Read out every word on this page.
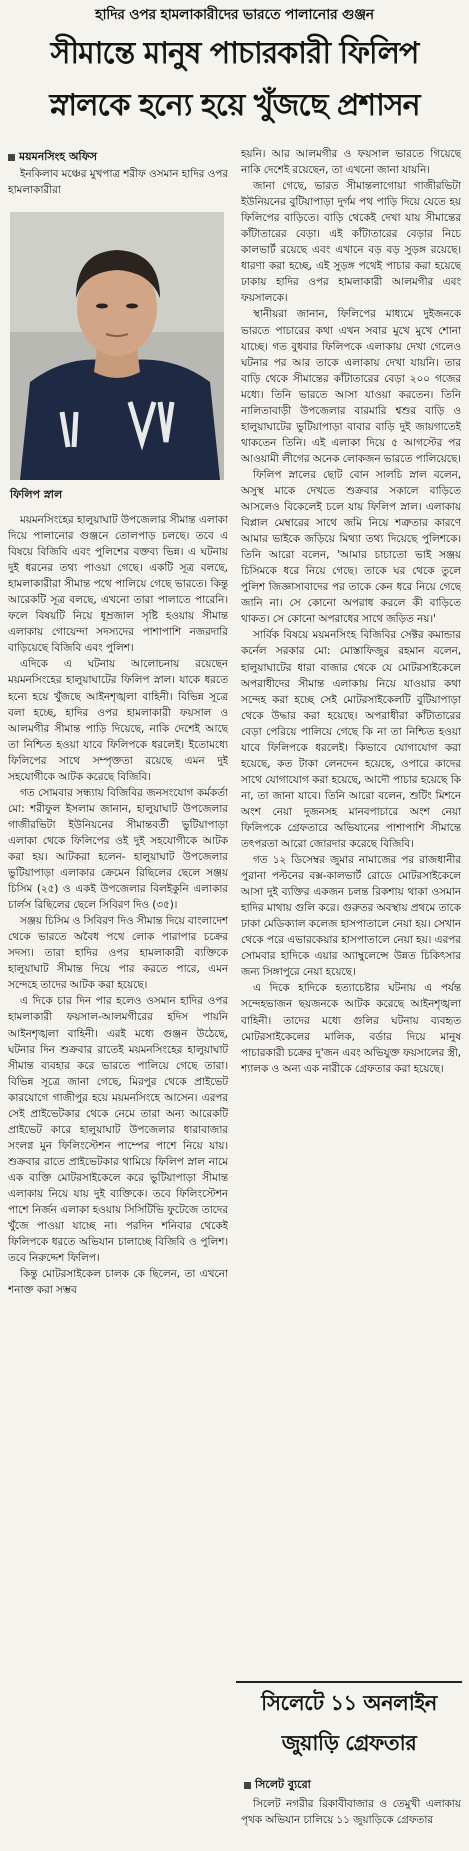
হাদির ওপর হামলাকারীদের ভারতে পালানোর গুঞ্জন
সীমান্তে মানুষ পাচারকারী ফিলিপ
স্নালকে হন্যে হয়ে খুঁজছে প্রশাসন
ময়মনসিংহ অফিস

ইনকিলাব মঞ্চের মুখপাত্র শরীফ ওসমান হাদির ওপর হামলাকারীরা

ফিলিপ স্নাল

ময়মনসিংহের হালুয়াঘাট উপজেলার সীমান্ত এলাকা দিয়ে পালানোর গুঞ্জনে তোলপাড় চলছে। তবে এ বিষয়ে বিজিবি এবং পুলিশের বক্তব্য ভিন্ন। এ ঘটনায় দুই ধরনের তথ্য পাওয়া গেছে। একটি সূত্র বলছে, হামলাকারীরা সীমান্ত পথে পালিয়ে গেছে ভারতে। কিন্তু আরেকটি সূত্র বলছে, এখনো তারা পালাতে পারেনি। ফলে বিষয়টি নিয়ে ধূম্রজাল সৃষ্টি হওয়ায় সীমান্ত এলাকায় গোয়েন্দা সদস্যদের পাশাপাশি নজরদারি বাড়িয়েছে বিজিবি এবং পুলিশ।

এদিকে এ ঘটনায় আলোচনায় রয়েছেন ময়মনসিংহের হালুয়াঘাটের ফিলিপ স্নাল। যাকে ধরতে হন্যে হয়ে খুঁজছে আইনশৃঙ্খলা বাহিনী। বিভিন্ন সূত্রে বলা হচ্ছে, হাদির ওপর হামলাকারী ফয়সাল ও আলমগীর সীমান্ত পাড়ি দিয়েছে, নাকি দেশেই আছে তা নিশ্চিত হওয়া যাবে ফিলিপকে ধরলেই। ইতোমধ্যে ফিলিপের সাথে সম্পৃক্ততা রয়েছে এমন দুই সহযোগীকে আটক করেছে বিজিবি।

গত সোমবার সন্ধ্যায় বিজিবির জনসংযোগ কর্মকর্তা মো: শরীফুল ইসলাম জানান, হালুয়াঘাট উপজেলার গাজীরভিটা ইউনিয়নের সীমান্তবর্তী ভুটিয়াপাড়া এলাকা থেকে ফিলিপের ওই দুই সহযোগীকে আটক করা হয়। আটকরা হলেন- হালুয়াঘাট উপজেলার ভুটিয়াপাড়া এলাকার ক্রেমেন রিছিলের ছেলে সঞ্জয় চিসিম (২৫) ও একই উপজেলার বিলইকুনি এলাকার চার্লস রিছিলের ছেলে সিবিরণ দিও (৩৫)।

সঞ্জয় চিসিম ও সিবিরণ দিও সীমান্ত দিয়ে বাংলাদেশ থেকে ভারতে অবৈধ পথে লোক পারাপার চক্রের সদস্য। তারা হাদির ওপর হামলাকারী ব্যক্তিকে হালুয়াঘাট সীমান্ত দিয়ে পার করতে পারে, এমন সন্দেহে তাদের আটক করা হয়েছে।

এ দিকে চার দিন পার হলেও ওসমান হাদির ওপর হামলাকারী ফয়সাল-আলমগীরের হদিস পায়নি আইনশৃঙ্খলা বাহিনী। এরই মধ্যে গুঞ্জন উঠেছে, ঘটনার দিন শুক্রবার রাতেই ময়মনসিংহের হালুয়াঘাট সীমান্ত ব্যবহার করে ভারতে পালিয়ে গেছে তারা। বিভিন্ন সূত্রে জানা গেছে, মিরপুর থেকে প্রাইভেট কারযোগে গাজীপুর হয়ে ময়মনসিংহে আসেন। এরপর সেই প্রাইভেটকার থেকে নেমে তারা অন্য আরেকটি প্রাইভেট কারে হালুয়াঘাট উপজেলার ধারাবাজার সংলগ্ন মুন ফিলিংস্টেশন পাম্পের পাশে নিয়ে যায়। শুক্রবার রাতে প্রাইভেটকার থামিয়ে ফিলিপ স্নাল নামে এক ব্যক্তি মোটরসাইকেলে করে ভুটিয়াপাড়া সীমান্ত এলাকায় নিয়ে যায় দুই ব্যক্তিকে। তবে ফিলিংস্টেশন পাশে নির্জন এলাকা হওয়ায় সিসিটিভি ফুটেজে তাদের খুঁজে পাওয়া যাচ্ছে না। পরদিন শনিবার থেকেই ফিলিপকে ধরতে অভিযান চালাচ্ছে বিজিবি ও পুলিশ। তবে নিরুদ্দেশ ফিলিপ।

কিন্তু মোটরসাইকেল চালক কে ছিলেন, তা এখনো শনাক্ত করা সম্ভব

হয়নি। আর আলমগীর ও ফয়সাল ভারতে গিয়েছে নাকি দেশেই রয়েছেন, তা এখনো জানা যায়নি।

জানা গেছে, ভারত সীমান্তলাগোয়া গাজীরভিটা ইউনিয়নের বুটিয়াপাড়া দুর্গম পথ পাড়ি দিয়ে যেতে হয় ফিলিপের বাড়িতে। বাড়ি থেকেই দেখা যায় সীমান্তের কাঁটাতারের বেড়া। এই কাঁটাতারের বেড়ার নিচে কালভার্ট রয়েছে এবং এখানে বড় বড় সুড়ঙ্গ রয়েছে। ধারণা করা হচ্ছে, এই সুড়ঙ্গ পথেই পাচার করা হয়েছে ঢাকায় হাদির ওপর হামলাকারী আলমগীর এবং ফয়সালকে।

স্থানীয়রা জানান, ফিলিপের মাধ্যমে দুইজনকে ভারতে পাচারের কথা এখন সবার মুখে মুখে শোনা যাচ্ছে। গত বুধবার ফিলিপকে এলাকায় দেখা গেলেও ঘটনার পর আর তাকে এলাকায় দেখা যায়নি। তার বাড়ি থেকে সীমান্তের কাঁটাতারের বেড়া ২০০ গজের মধ্যে। তিনি ভারতে আসা যাওয়া করতেন। তিনি নালিতাবাড়ী উপজেলার বারমারি শ্বশুর বাড়ি ও হালুয়াঘাটের ভুটিয়াপাড়া বাবার বাড়ি দুই জায়গাতেই থাকতেন তিনি। এই এলাকা দিয়ে ৫ আগস্টের পর আওয়ামী লীগের অনেক লোকজন ভারতে পালিয়েছে।

ফিলিপ স্নালের ছোট বোন সালচি স্নাল বলেন, অসুস্থ মাকে দেখতে শুক্রবার সকালে বাড়িতে আসলেও বিকেলেই চলে যায় ফিলিপ স্নাল। এলাকায় বিপ্লাল মেম্বারের সাথে জমি নিয়ে শত্রুতার কারণে আমার ভাইকে জড়িয়ে মিথ্যা তথ্য দিয়েছে পুলিশকে। তিনি আরো বলেন, 'আমার চাচাতো ভাই সঞ্জয় চিসিমকে ধরে নিয়ে গেছে। তাকে ঘর থেকে তুলে পুলিশ জিজ্ঞাসাবাদের পর তাকে কেন ধরে নিয়ে গেছে জানি না। সে কোনো অপরাধ করলে কী বাড়িতে থাকত। সে কোনো অপরাধের সাথে জড়িত নয়।'

সার্বিক বিষয়ে ময়মনসিংহ বিজিবির সেক্টর কমান্ডার কর্নেল সরকার মো: মোস্তাফিজুর রহমান বলেন, হালুয়াঘাটের ধারা বাজার থেকে যে মোটরসাইকেলে অপরাধীদের সীমান্ত এলাকায় নিয়ে যাওয়ার কথা সন্দেহ করা হচ্ছে সেই মোটরসাইকেলটি বুটিয়াপাড়া থেকে উদ্ধার করা হয়েছে। অপরাধীরা কাঁটাতারের বেড়া পেরিয়ে পালিয়ে গেছে কি না তা নিশ্চিত হওয়া যাবে ফিলিপকে ধরলেই। কিভাবে যোগাযোগ করা হয়েছে, কত টাকা লেনদেন হয়েছে, ওপারে কাদের সাথে যোগাযোগ করা হয়েছে, আদৌ পাচার হয়েছে কি না, তা জানা যাবে। তিনি আরো বলেন, শুটিং মিশনে অংশ নেয়া দুজনসহ মানবপাচারে অংশ নেয়া ফিলিপকে গ্রেফতারে অভিযানের পাশাপাশি সীমান্তে তৎপরতা আরো জোরদার করেছে বিজিবি।

গত ১২ ডিসেম্বর জুমার নামাজের পর রাজধানীর পুরানা পল্টনের বক্স-কালভার্ট রোডে মোটরসাইকেলে আসা দুই ব্যক্তির একজন চলন্ত রিকশায় থাকা ওসমান হাদির মাথায় গুলি করে। গুরুতর অবস্থায় প্রথমে তাকে ঢাকা মেডিক্যাল কলেজ হাসপাতালে নেয়া হয়। সেখান থেকে পরে এভারকেয়ার হাসপাতালে নেয়া হয়। এরপর সোমবার হাদিকে এয়ার অ্যাম্বুলেন্সে উন্নত চিকিৎসার জন্য সিঙ্গাপুরে নেয়া হয়েছে।

এ দিকে হাদিকে হত্যাচেষ্টার ঘটনায় এ পর্যন্ত সন্দেহভাজন ছয়জনকে আটক করেছে আইনশৃঙ্খলা বাহিনী। তাদের মধ্যে গুলির ঘটনায় ব্যবহৃত মোটরসাইকেলের মালিক, বর্ডার দিয়ে মানুষ পাচারকারী চক্রের দু'জন এবং অভিযুক্ত ফয়সালের স্ত্রী, শ্যালক ও অন্য এক নারীকে গ্রেফতার করা হয়েছে।

সিলেটে ১১ অনলাইন জুয়াড়ি গ্রেফতার
সিলেট ব্যুরো

সিলেট নগরীর রিকাবীবাজার ও তেমুখী এলাকায় পৃথক অভিযান চালিয়ে ১১ জুয়াড়িকে গ্রেফতার
